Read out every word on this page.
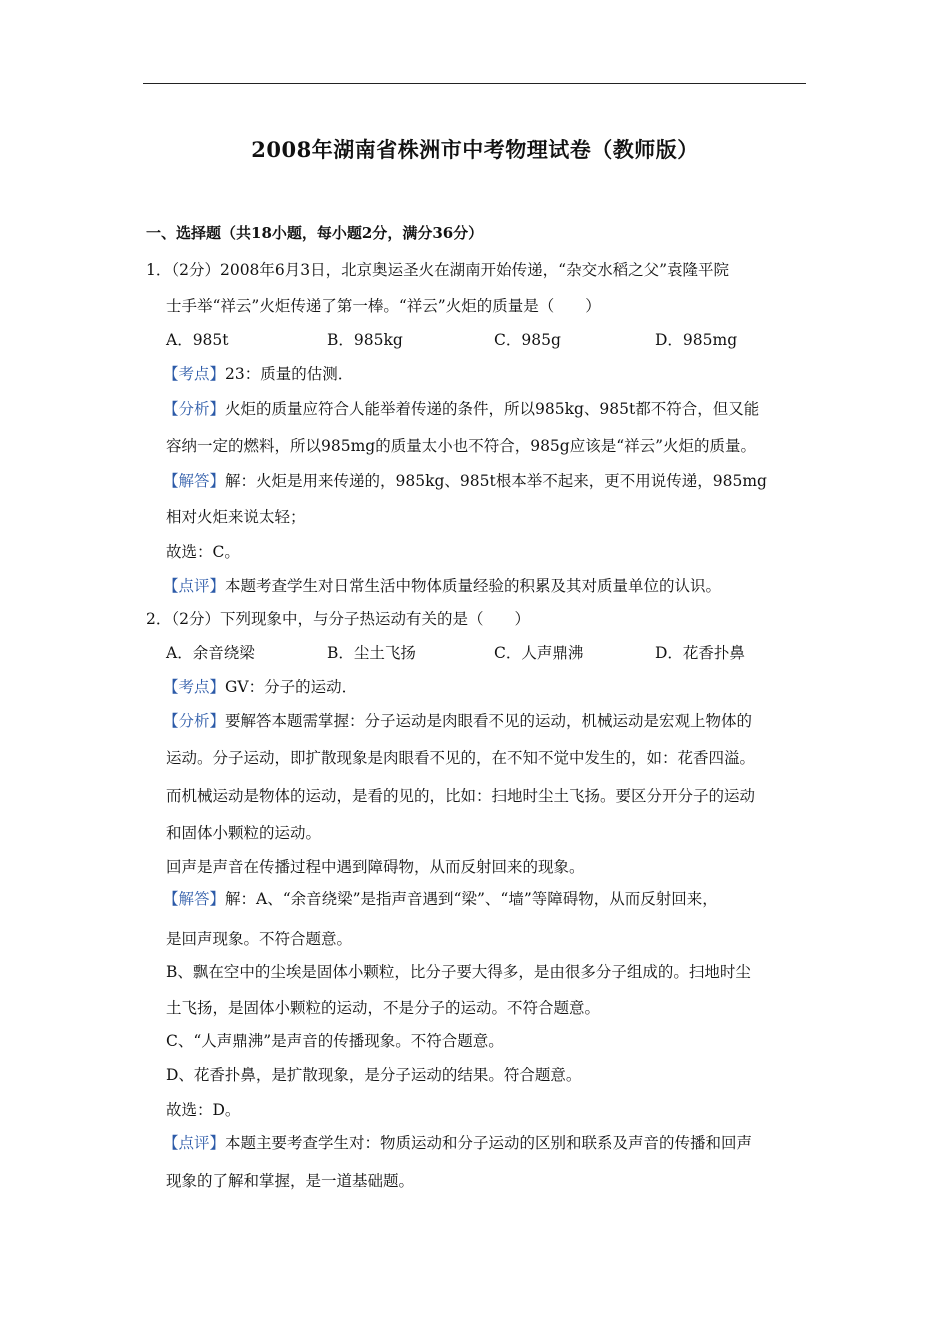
2008年湖南省株洲市中考物理试卷（教师版）
一、选择题（共18小题，每小题2分，满分36分）
1．（2分）2008年6月3日，北京奥运圣火在湖南开始传递，“杂交水稻之父”袁隆平院
士手举“祥云”火炬传递了第一棒。“祥云”火炬的质量是（　　）
A．985t	B．985kg	C．985g	D．985mg
【考点】23：质量的估测．
【分析】火炬的质量应符合人能举着传递的条件，所以985kg、985t都不符合，但又能
容纳一定的燃料，所以985mg的质量太小也不符合，985g应该是“祥云”火炬的质量。
【解答】解：火炬是用来传递的，985kg、985t根本举不起来，更不用说传递，985mg
相对火炬来说太轻；
故选：C。
【点评】本题考查学生对日常生活中物体质量经验的积累及其对质量单位的认识。
2．（2分）下列现象中，与分子热运动有关的是（　　）
A．余音绕梁	B．尘土飞扬	C．人声鼎沸	D．花香扑鼻
【考点】GV：分子的运动．
【分析】要解答本题需掌握：分子运动是肉眼看不见的运动，机械运动是宏观上物体的
运动。分子运动，即扩散现象是肉眼看不见的，在不知不觉中发生的，如：花香四溢。
而机械运动是物体的运动，是看的见的，比如：扫地时尘土飞扬。要区分开分子的运动
和固体小颗粒的运动。
回声是声音在传播过程中遇到障碍物，从而反射回来的现象。
【解答】解：A、“余音绕梁”是指声音遇到“梁”、“墙”等障碍物，从而反射回来，
是回声现象。不符合题意。
B、飘在空中的尘埃是固体小颗粒，比分子要大得多，是由很多分子组成的。扫地时尘
土飞扬，是固体小颗粒的运动，不是分子的运动。不符合题意。
C、“人声鼎沸”是声音的传播现象。不符合题意。
D、花香扑鼻，是扩散现象，是分子运动的结果。符合题意。
故选：D。
【点评】本题主要考查学生对：物质运动和分子运动的区别和联系及声音的传播和回声
现象的了解和掌握，是一道基础题。
